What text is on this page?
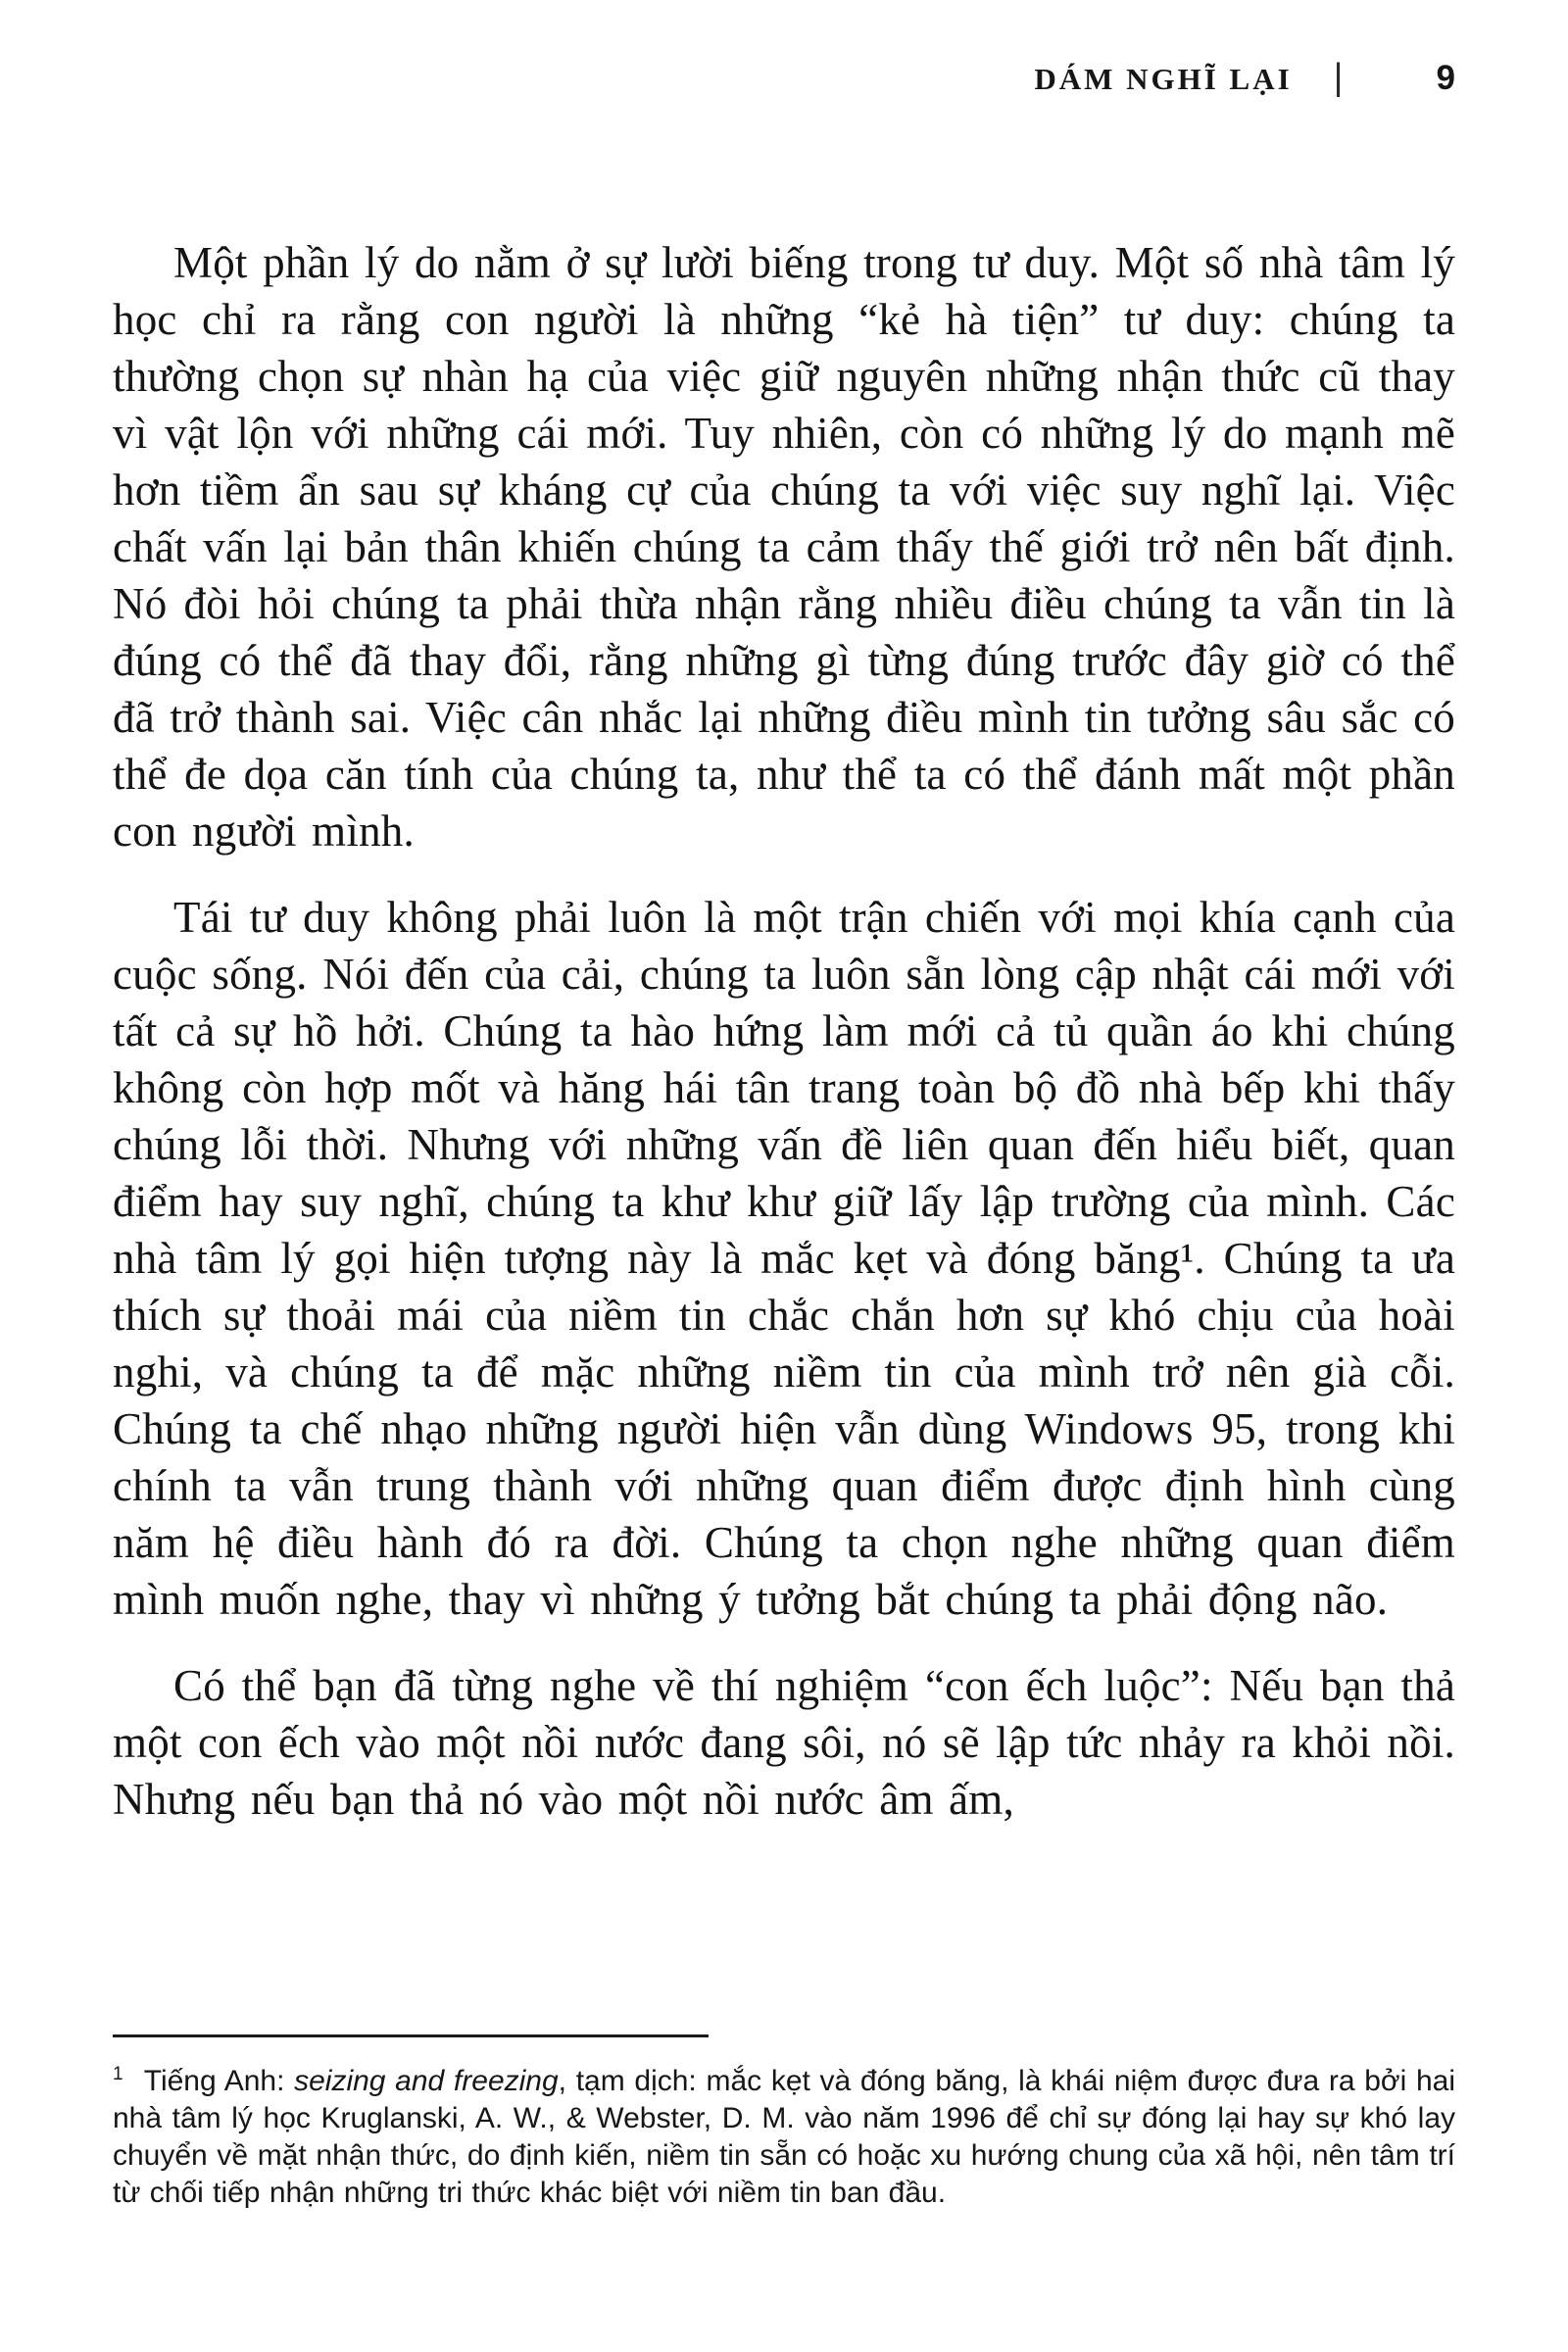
DÁM NGHĨ LẠI |	9

Một phần lý do nằm ở sự lười biếng trong tư duy. Một số nhà tâm lý học chỉ ra rằng con người là những “kẻ hà tiện” tư duy: chúng ta thường chọn sự nhàn hạ của việc giữ nguyên những nhận thức cũ thay vì vật lộn với những cái mới. Tuy nhiên, còn có những lý do mạnh mẽ hơn tiềm ẩn sau sự kháng cự của chúng ta với việc suy nghĩ lại. Việc chất vấn lại bản thân khiến chúng ta cảm thấy thế giới trở nên bất định. Nó đòi hỏi chúng ta phải thừa nhận rằng nhiều điều chúng ta vẫn tin là đúng có thể đã thay đổi, rằng những gì từng đúng trước đây giờ có thể đã trở thành sai. Việc cân nhắc lại những điều mình tin tưởng sâu sắc có thể đe dọa căn tính của chúng ta, như thể ta có thể đánh mất một phần con người mình.

Tái tư duy không phải luôn là một trận chiến với mọi khía cạnh của cuộc sống. Nói đến của cải, chúng ta luôn sẵn lòng cập nhật cái mới với tất cả sự hồ hởi. Chúng ta hào hứng làm mới cả tủ quần áo khi chúng không còn hợp mốt và hăng hái tân trang toàn bộ đồ nhà bếp khi thấy chúng lỗi thời. Nhưng với những vấn đề liên quan đến hiểu biết, quan điểm hay suy nghĩ, chúng ta khư khư giữ lấy lập trường của mình. Các nhà tâm lý gọi hiện tượng này là mắc kẹt và đóng băng¹. Chúng ta ưa thích sự thoải mái của niềm tin chắc chắn hơn sự khó chịu của hoài nghi, và chúng ta để mặc những niềm tin của mình trở nên già cỗi. Chúng ta chế nhạo những người hiện vẫn dùng Windows 95, trong khi chính ta vẫn trung thành với những quan điểm được định hình cùng năm hệ điều hành đó ra đời. Chúng ta chọn nghe những quan điểm mình muốn nghe, thay vì những ý tưởng bắt chúng ta phải động não.

Có thể bạn đã từng nghe về thí nghiệm “con ếch luộc”: Nếu bạn thả một con ếch vào một nồi nước đang sôi, nó sẽ lập tức nhảy ra khỏi nồi. Nhưng nếu bạn thả nó vào một nồi nước âm ấm,

$^1$ Tiếng Anh: seizing and freezing, tạm dịch: mắc kẹt và đóng băng, là khái niệm được đưa ra bởi hai nhà tâm lý học Kruglanski, A. W., & Webster, D. M. vào năm 1996 để chỉ sự đóng lại hay sự khó lay chuyển về mặt nhận thức, do định kiến, niềm tin sẵn có hoặc xu hướng chung của xã hội, nên tâm trí từ chối tiếp nhận những tri thức khác biệt với niềm tin ban đầu.
